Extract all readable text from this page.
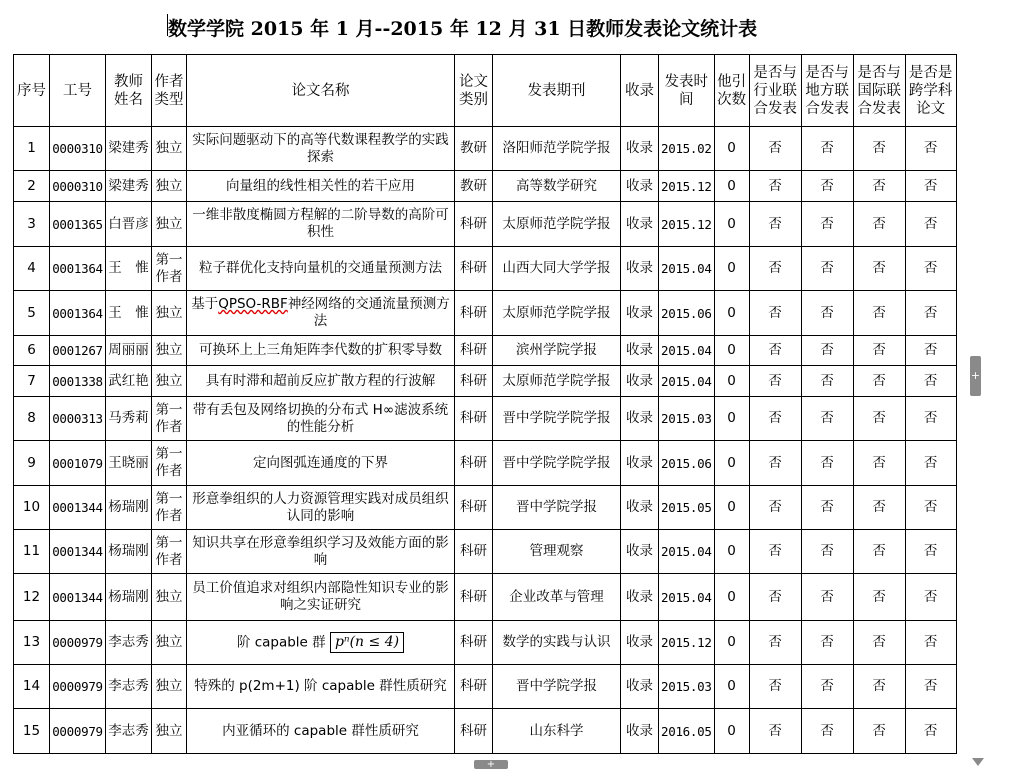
数学学院 2015 年 1 月--2015 年 12 月 31 日教师发表论文统计表
序号	工号	教师姓名	作者类型	论文名称	论文类别	发表期刊	收录	发表时间	他引次数	是否与行业联合发表	是否与地方联合发表	是否与国际联合发表	是否是跨学科论文
1	0000310	梁建秀	独立	实际问题驱动下的高等代数课程教学的实践探索	教研	洛阳师范学院学报	收录	2015.02	0	否	否	否	否
2	0000310	梁建秀	独立	向量组的线性相关性的若干应用	教研	高等数学研究	收录	2015.12	0	否	否	否	否
3	0001365	白晋彦	独立	一维非散度椭圆方程解的二阶导数的高阶可积性	科研	太原师范学院学报	收录	2015.12	0	否	否	否	否
4	0001364	王　惟	第一作者	粒子群优化支持向量机的交通量预测方法	科研	山西大同大学学报	收录	2015.04	0	否	否	否	否
5	0001364	王　惟	独立	基于QPSO-RBF神经网络的交通流量预测方法	科研	太原师范学院学报	收录	2015.06	0	否	否	否	否
6	0001267	周丽丽	独立	可换环上上三角矩阵李代数的扩积零导数	科研	滨州学院学报	收录	2015.04	0	否	否	否	否
7	0001338	武红艳	独立	具有时滞和超前反应扩散方程的行波解	科研	太原师范学院学报	收录	2015.04	0	否	否	否	否
8	0000313	马秀莉	第一作者	带有丢包及网络切换的分布式 H∞滤波系统的性能分析	科研	晋中学院学院学报	收录	2015.03	0	否	否	否	否
9	0001079	王晓丽	第一作者	定向图弧连通度的下界	科研	晋中学院学院学报	收录	2015.06	0	否	否	否	否
10	0001344	杨瑞刚	第一作者	形意拳组织的人力资源管理实践对成员组织认同的影响	科研	晋中学院学报	收录	2015.05	0	否	否	否	否
11	0001344	杨瑞刚	第一作者	知识共享在形意拳组织学习及效能方面的影响	科研	管理观察	收录	2015.04	0	否	否	否	否
12	0001344	杨瑞刚	独立	员工价值追求对组织内部隐性知识专业的影响之实证研究	科研	企业改革与管理	收录	2015.04	0	否	否	否	否
13	0000979	李志秀	独立	阶 capable 群 pⁿ(n ≤ 4)	科研	数学的实践与认识	收录	2015.12	0	否	否	否	否
14	0000979	李志秀	独立	特殊的 p(2m+1) 阶 capable 群性质研究	科研	晋中学院学报	收录	2015.03	0	否	否	否	否
15	0000979	李志秀	独立	内亚循环的 capable 群性质研究	科研	山东科学	收录	2016.05	0	否	否	否	否
+
+
